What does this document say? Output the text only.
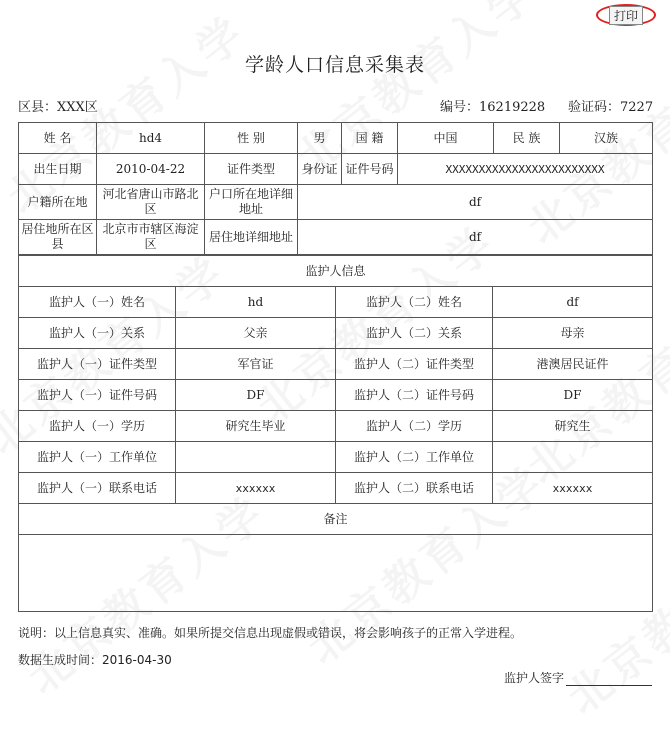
打印
学龄人口信息采集表
区县：XXX区	编号：16219228 验证码：7227
姓 名	hd4	性 别	男	国 籍	中国	民 族	汉族
出生日期	2010-04-22	证件类型	身份证	证件号码	XXXXXXXXXXXXXXXXXXXXXXXX		
户籍所在地	河北省唐山市路北区	户口所在地详细地址	df				
居住地所在区县	北京市市辖区海淀区	居住地详细地址	df				
监护人信息			
监护人（一）姓名	hd	监护人（二）姓名	df
监护人（一）关系	父亲	监护人（二）关系	母亲
监护人（一）证件类型	军官证	监护人（二）证件类型	港澳居民证件
监护人（一）证件号码	DF	监护人（二）证件号码	DF
监护人（一）学历	研究生毕业	监护人（二）学历	研究生
监护人（一）工作单位		监护人（二）工作单位	
监护人（一）联系电话	xxxxxx	监护人（二）联系电话	xxxxxx
备注			

说明：以上信息真实、准确。如果所提交信息出现虚假或错误，将会影响孩子的正常入学进程。
数据生成时间：2016-04-30
监护人签字
